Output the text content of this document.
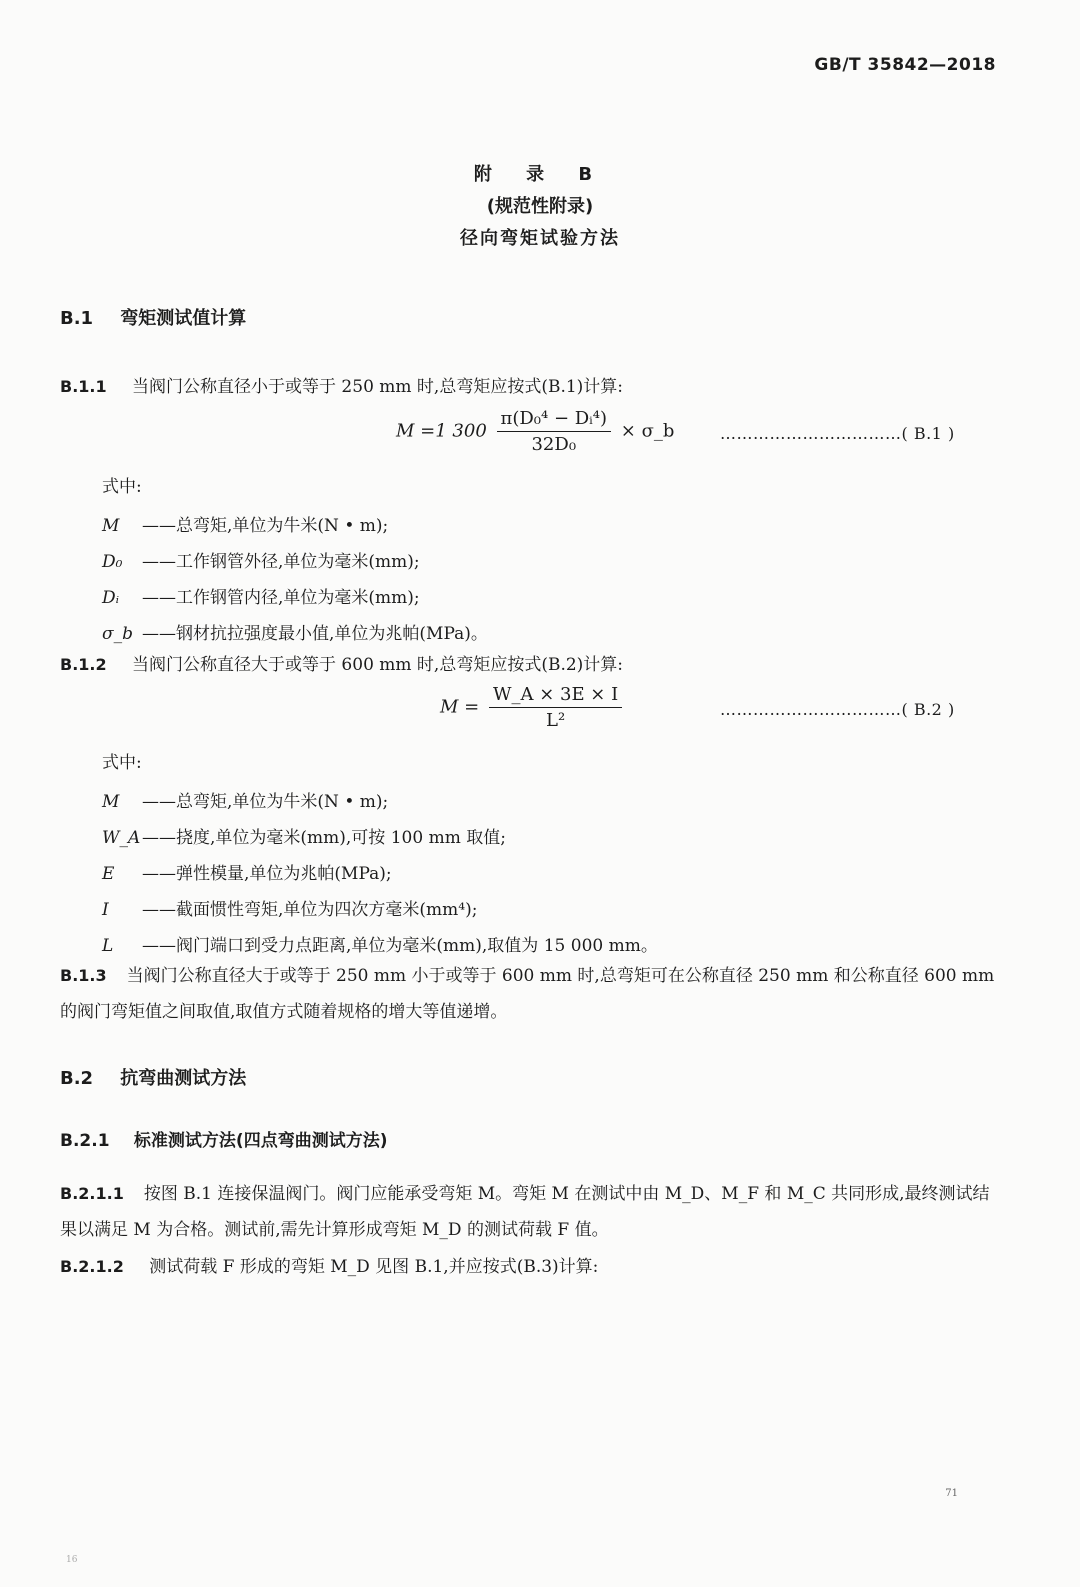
GB/T 35842—2018
附 录 B
(规范性附录)
径向弯矩试验方法
B.1 弯矩测试值计算
B.1.1 当阀门公称直径小于或等于 250 mm 时,总弯矩应按式(B.1)计算:
M =1 $300 \frac{\text{π(D₀⁴ − Dᵢ⁴)}}{\text{32D₀}}$ × σ_b	……………………………( B.1 )
式中:
M ——总弯矩,单位为牛米(N • m);
D₀ ——工作钢管外径,单位为毫米(mm);
Dᵢ ——工作钢管内径,单位为毫米(mm);
σ_b ——钢材抗拉强度最小值,单位为兆帕(MPa)。
B.1.2 当阀门公称直径大于或等于 600 mm 时,总弯矩应按式(B.2)计算:
$M = \frac{W\_A \times 3E \times I}{\text{L²}}$	……………………………( B.2 )
式中:
M ——总弯矩,单位为牛米(N • m);
W_A ——挠度,单位为毫米(mm),可按 100 mm 取值;
E ——弹性模量,单位为兆帕(MPa);
I ——截面惯性弯矩,单位为四次方毫米(mm⁴);
L ——阀门端口到受力点距离,单位为毫米(mm),取值为 15 000 mm。
B.1.3 当阀门公称直径大于或等于 250 mm 小于或等于 600 mm 时,总弯矩可在公称直径 250 mm 和公称直径 600 mm 的阀门弯矩值之间取值,取值方式随着规格的增大等值递增。
B.2 抗弯曲测试方法
B.2.1 标准测试方法(四点弯曲测试方法)
B.2.1.1 按图 B.1 连接保温阀门。阀门应能承受弯矩 M。弯矩 M 在测试中由 M_D、M_F 和 M_C 共同形成,最终测试结果以满足 M 为合格。测试前,需先计算形成弯矩 M_D 的测试荷载 F 值。
B.2.1.2 测试荷载 F 形成的弯矩 M_D 见图 B.1,并应按式(B.3)计算:
71
16
